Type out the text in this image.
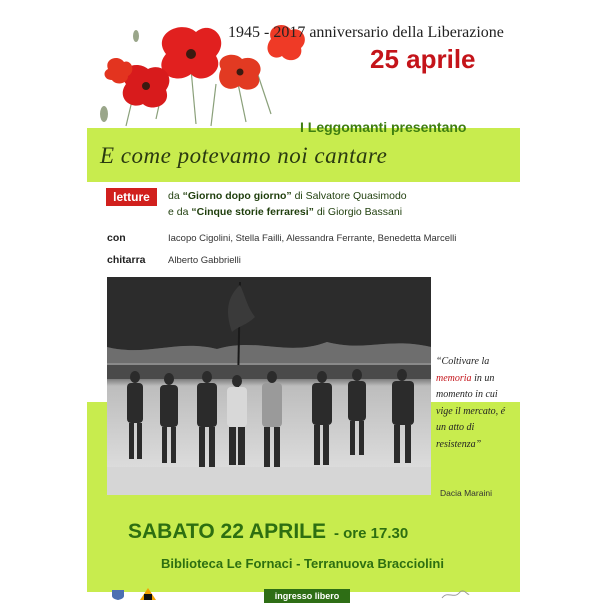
1945 - 2017 anniversario della Liberazione
25 aprile
I Leggomanti presentano
E come potevamo noi cantare
letture	da “Giorno dopo giorno” di Salvatore Quasimodo
e da “Cinque storie ferraresi” di Giorgio Bassani
con	Iacopo Cigolini, Stella Failli, Alessandra Ferrante, Benedetta Marcelli
chitarra Alberto Gabbrielli
“Coltivare la memoria in un momento in cui vige il mercato, é un atto di resistenza”
Dacia Maraini
SABATO 22 APRILE - ore 17.30
Biblioteca Le Fornaci - Terranuova Bracciolini
ingresso libero
